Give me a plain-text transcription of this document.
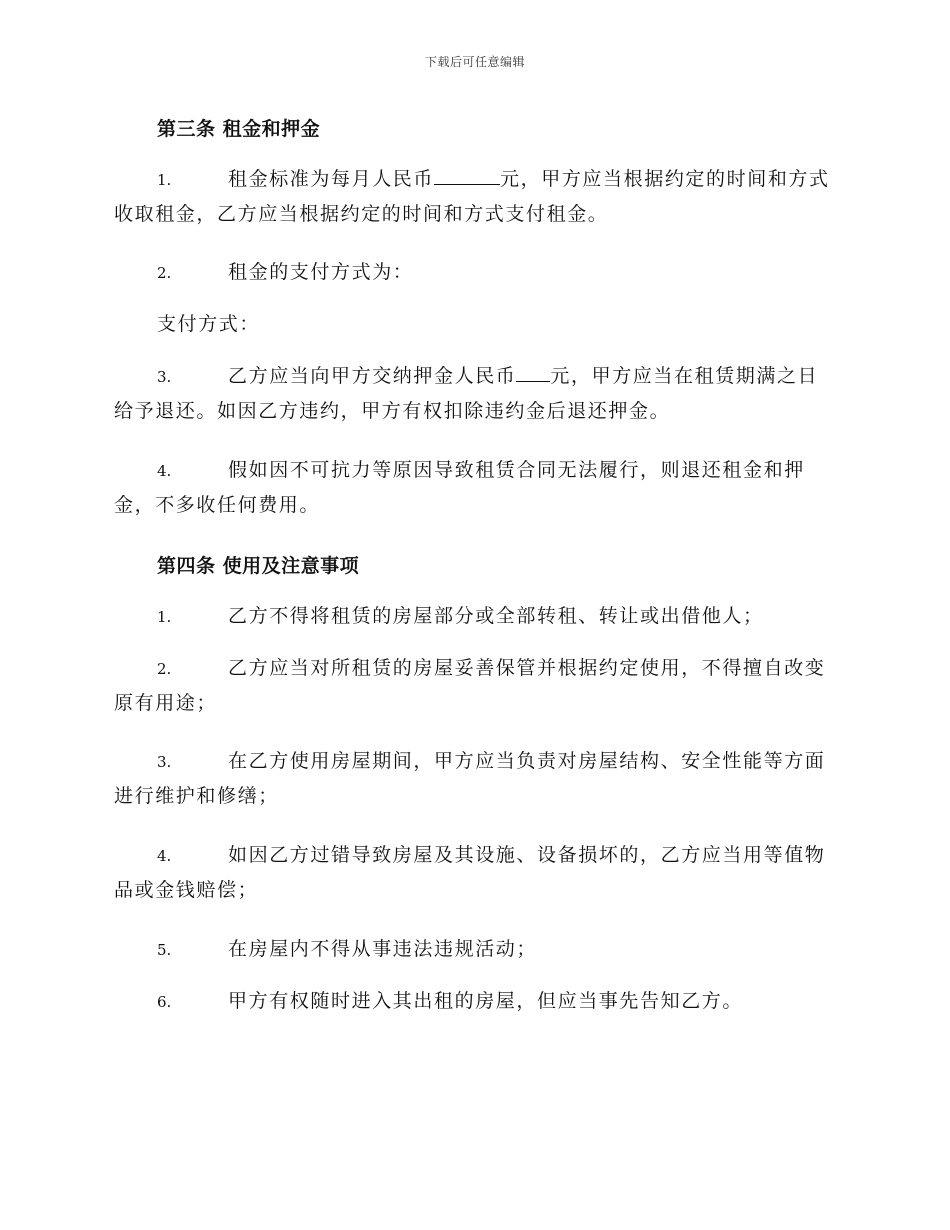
下载后可任意编辑
第三条 租金和押金
1.	租金标准为每月人民币	元，甲方应当根据约定的时间和方式收取租金，乙方应当根据约定的时间和方式支付租金。
2.	租金的支付方式为：
支付方式：
3.	乙方应当向甲方交纳押金人民币 元，甲方应当在租赁期满之日给予退还。如因乙方违约，甲方有权扣除违约金后退还押金。
4.	假如因不可抗力等原因导致租赁合同无法履行，则退还租金和押金，不多收任何费用。
第四条 使用及注意事项
1.	乙方不得将租赁的房屋部分或全部转租、转让或出借他人；
2.	乙方应当对所租赁的房屋妥善保管并根据约定使用，不得擅自改变原有用途；
3.	在乙方使用房屋期间，甲方应当负责对房屋结构、安全性能等方面进行维护和修缮；
4.	如因乙方过错导致房屋及其设施、设备损坏的，乙方应当用等值物品或金钱赔偿；
5.	在房屋内不得从事违法违规活动；
6.	甲方有权随时进入其出租的房屋，但应当事先告知乙方。
